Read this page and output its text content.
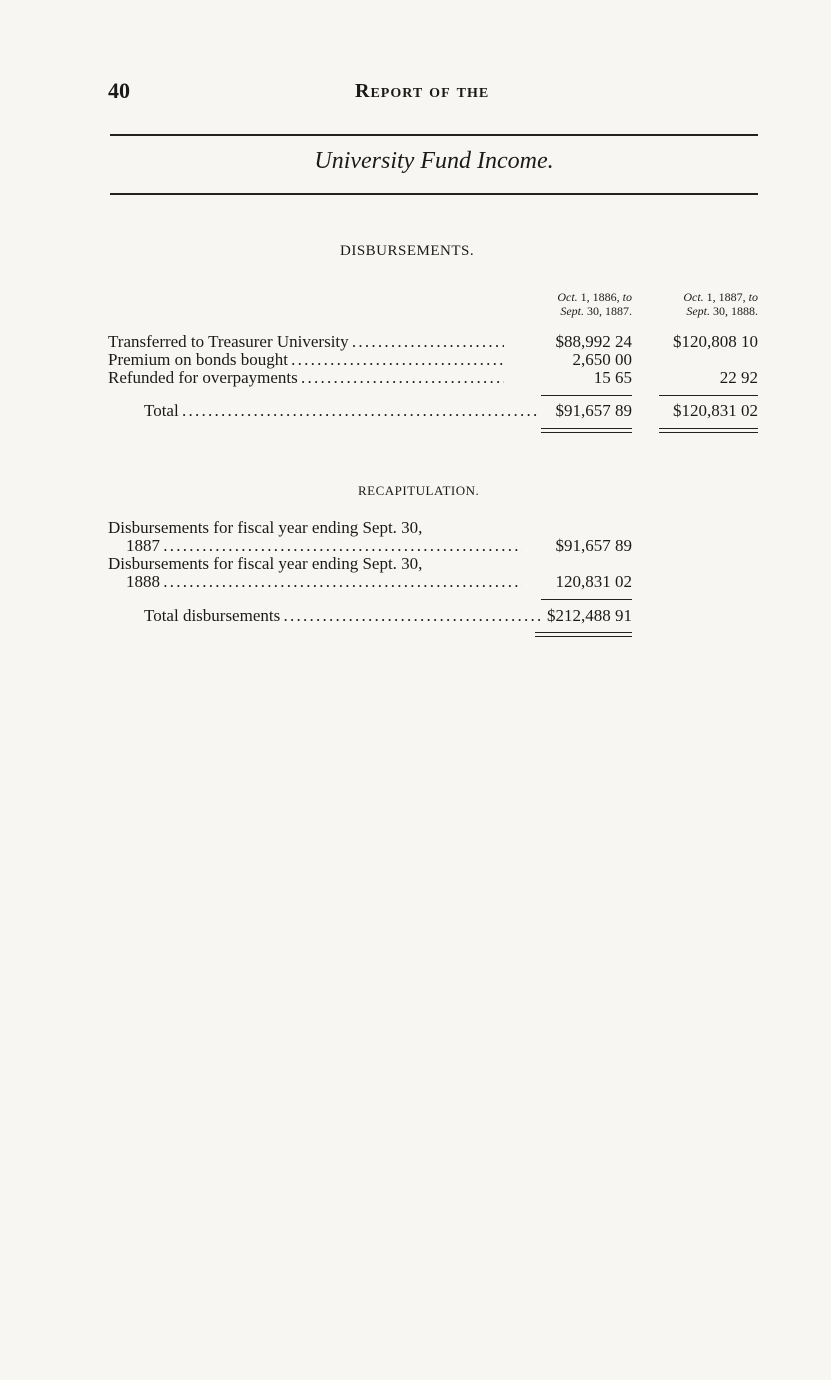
40	Report of the
University Fund Income.
DISBURSEMENTS.
Oct. 1, 1886, to
Sept. 30, 1887.
Oct. 1, 1887, to
Sept. 30, 1888.
Transferred to Treasurer University . . .	$88,992 24	$120,808 10
Premium on bonds bought . . .	2,650 00
Refunded for overpayments . . .	15 65	22 92
Total . . .	$91,657 89	$120,831 02
RECAPITULATION.
Disbursements for fiscal year ending Sept. 30,
1887 . . .	$91,657 89
Disbursements for fiscal year ending Sept. 30,
1888 . . .	120,831 02
Total disbursements . . .	$212,488 91
